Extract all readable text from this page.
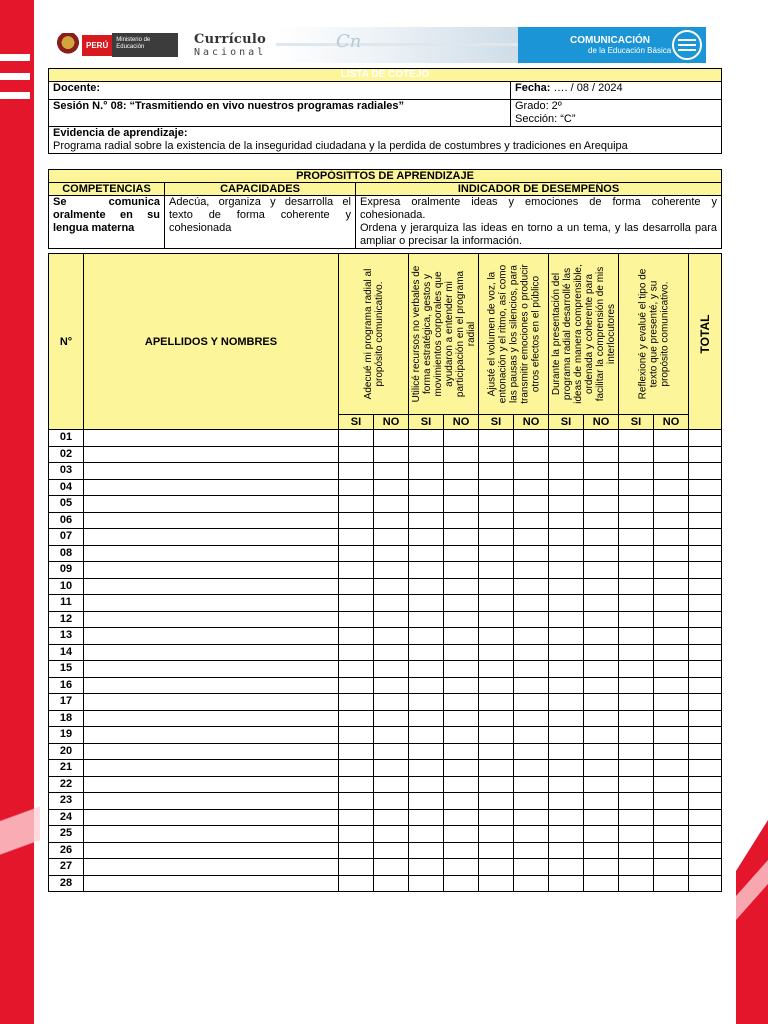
PERÚ
Ministerio de Educación	Currículo
Nacional
Cn	COMUNICACIÓN
de la Educación Básica
LISTA DE COTEJO	
Docente:	Fecha: …. / 08 / 2024
Sesión N.° 08: “Trasmitiendo en vivo nuestros programas radiales”	Grado: 2º
Sección: “C”

Evidencia de aprendizaje:
Programa radial sobre la existencia de la inseguridad ciudadana y la perdida de costumbres y tradiciones en Arequipa	
PROPÓSITTOS DE APRENDIZAJE		
COMPETENCIAS	CAPACIDADES	INDICADOR DE DESEMPEÑOS
Se comunica oralmente en su lengua materna	Adecúa, organiza y desarrolla el texto de forma coherente y cohesionada	Expresa oralmente ideas y emociones de forma coherente y cohesionada.
Ordena y jerarquiza las ideas en torno a un tema, y las desarrolla para ampliar o precisar la información.
N°	APELLIDOS Y NOMBRES	Adecué mi programa radial al propósito comunicativo.		Utilicé recursos no verbales de forma estratégica, gestos y movimientos corporales que ayudaron a entender mi participación en el programa radial		Ajusté el volumen de voz, la entonación y el ritmo, así como las pausas y los silencios, para transmitir emociones o producir otros efectos en el público		Durante la presentación del programa radial desarrollé las ideas de manera comprensible, ordenada y coherente para facilitar la comprensión de mis interlocutores		Reflexioné y evalué el tipo de texto que presenté, y su propósito comunicativo.		TOTAL

		SI	NO	SI	NO	SI	NO	SI	NO	SI	NO	
01												
02												
03												
04												
05												
06												
07												
08												
09												
10												
11												
12												
13												
14												
15												
16												
17												
18												
19												
20												
21												
22												
23												
24												
25												
26												
27												
28												
